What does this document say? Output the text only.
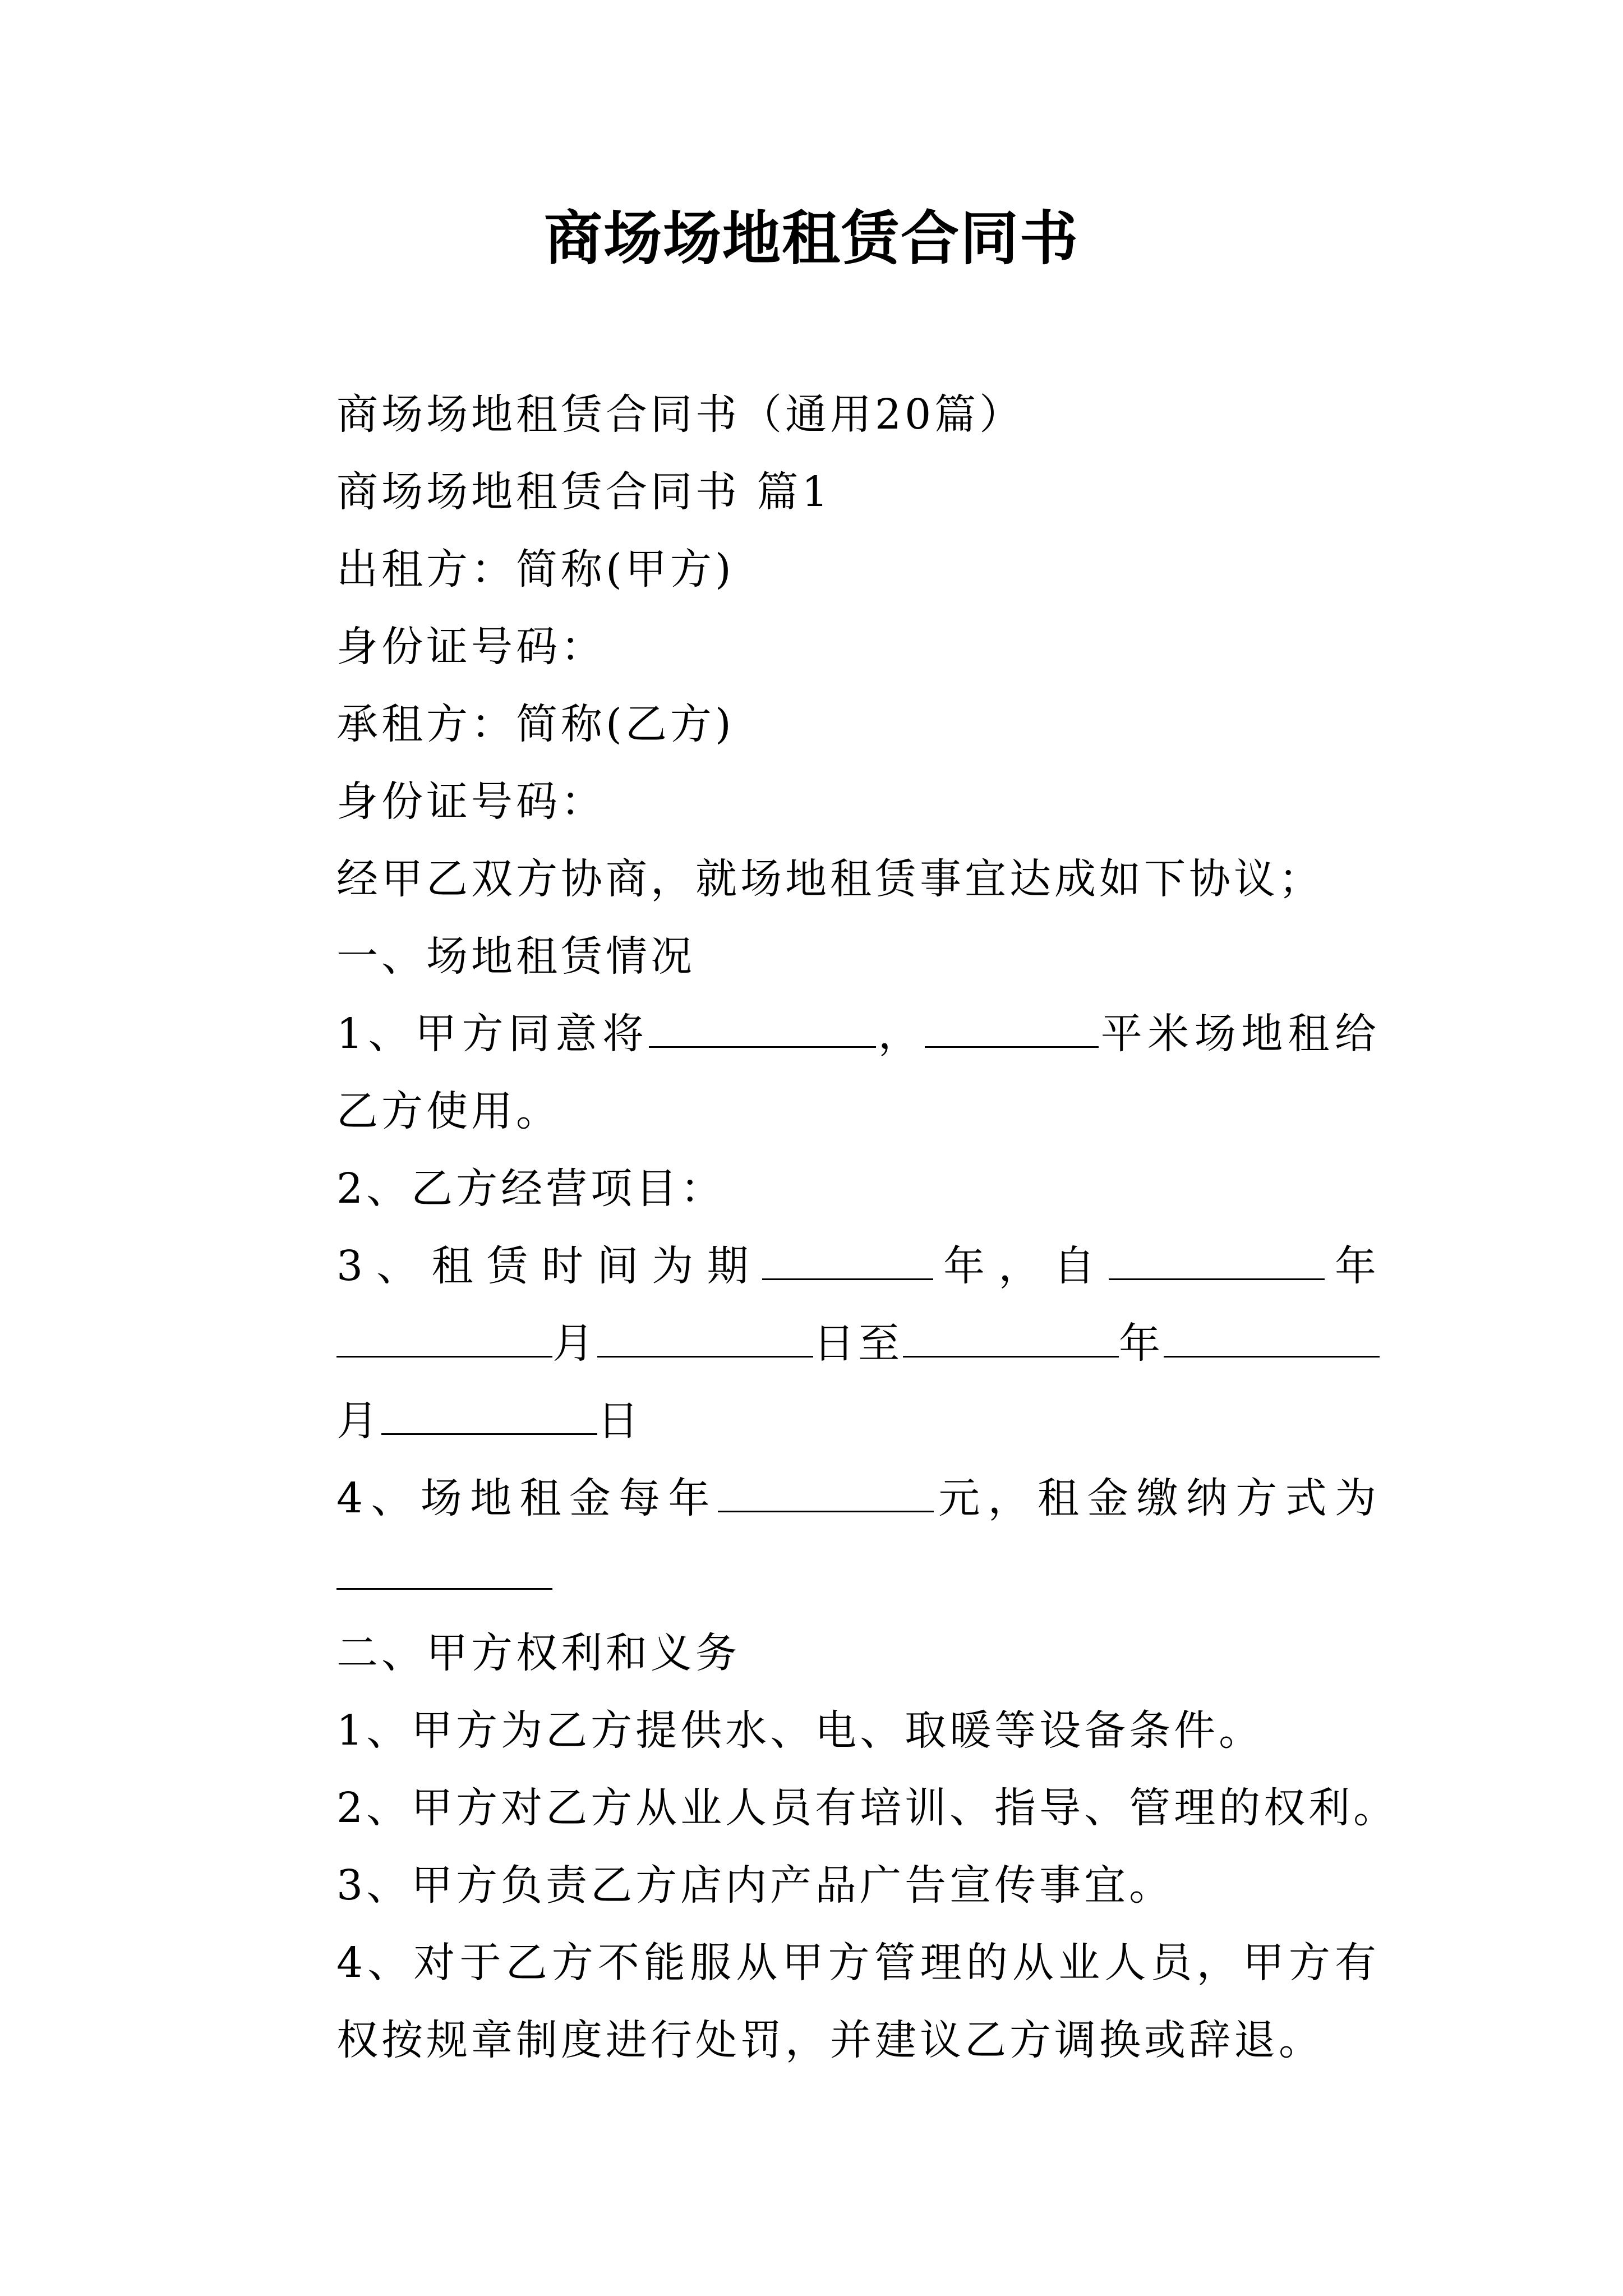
商场场地租赁合同书

商场场地租赁合同书（通用20篇）

商场场地租赁合同书 篇1

出租方：简称(甲方)

身份证号码：

承租方：简称(乙方)

身份证号码：

经甲乙双方协商，就场地租赁事宜达成如下协议；

一、场地租赁情况

1、甲方同意将	，	平米场地租给乙方使用。

2、乙方经营项目：

3、租赁时间为期	年，自	年月	日至	年月	日

4、场地租金每年	元，租金缴纳方式为

二、甲方权利和义务

1、甲方为乙方提供水、电、取暖等设备条件。

2、甲方对乙方从业人员有培训、指导、管理的权利。

3、甲方负责乙方店内产品广告宣传事宜。

4、对于乙方不能服从甲方管理的从业人员，甲方有权按规章制度进行处罚，并建议乙方调换或辞退。
